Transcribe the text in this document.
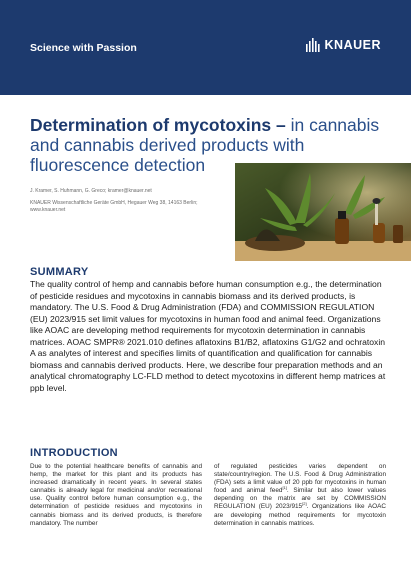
Science with Passion	KNAUER
Determination of mycotoxins – in cannabis and cannabis derived products with fluorescence detection
J. Kramer, S. Huhmann, G. Greco; kramer@knauer.net
KNAUER Wissenschaftliche Geräte GmbH, Hegauer Weg 38, 14163 Berlin; www.knauer.net
SUMMARY
The quality control of hemp and cannabis before human consumption e.g., the determination of pesticide residues and mycotoxins in cannabis biomass and its derived products, is mandatory. The U.S. Food & Drug Administration (FDA) and COMMISSION REGULATION (EU) 2023/915 set limit values for mycotoxins in human food and animal feed. Organizations like AOAC are developing method requirements for mycotoxin determination in cannabis matrices. AOAC SMPR® 2021.010 defines aflatoxins B1/B2, aflatoxins G1/G2 and ochratoxin A as analytes of interest and specifies limits of quantification and qualification for cannabis biomass and cannabis derived products. Here, we describe four preparation methods and an analytical chromatography LC-FLD method to detect mycotoxins in different hemp matrices at ppb level.
INTRODUCTION
Due to the potential healthcare benefits of cannabis and hemp, the market for this plant and its products has increased dramatically in recent years. In several states cannabis is already legal for medicinal and/or recreational use. Quality control before human consumption e.g., the determination of pesticide residues and mycotoxins in cannabis biomass and its derived products, is therefore mandatory. The number
of regulated pesticides varies dependent on state/country/region. The U.S. Food & Drug Administration (FDA) sets a limit value of 20 ppb for mycotoxins in human food and animal feed[1]. Similar but also lower values depending on the matrix are set by COMMISSION REGULATION (EU) 2023/915[2]. Organizations like AOAC are developing method requirements for mycotoxin determination in cannabis matrices.
